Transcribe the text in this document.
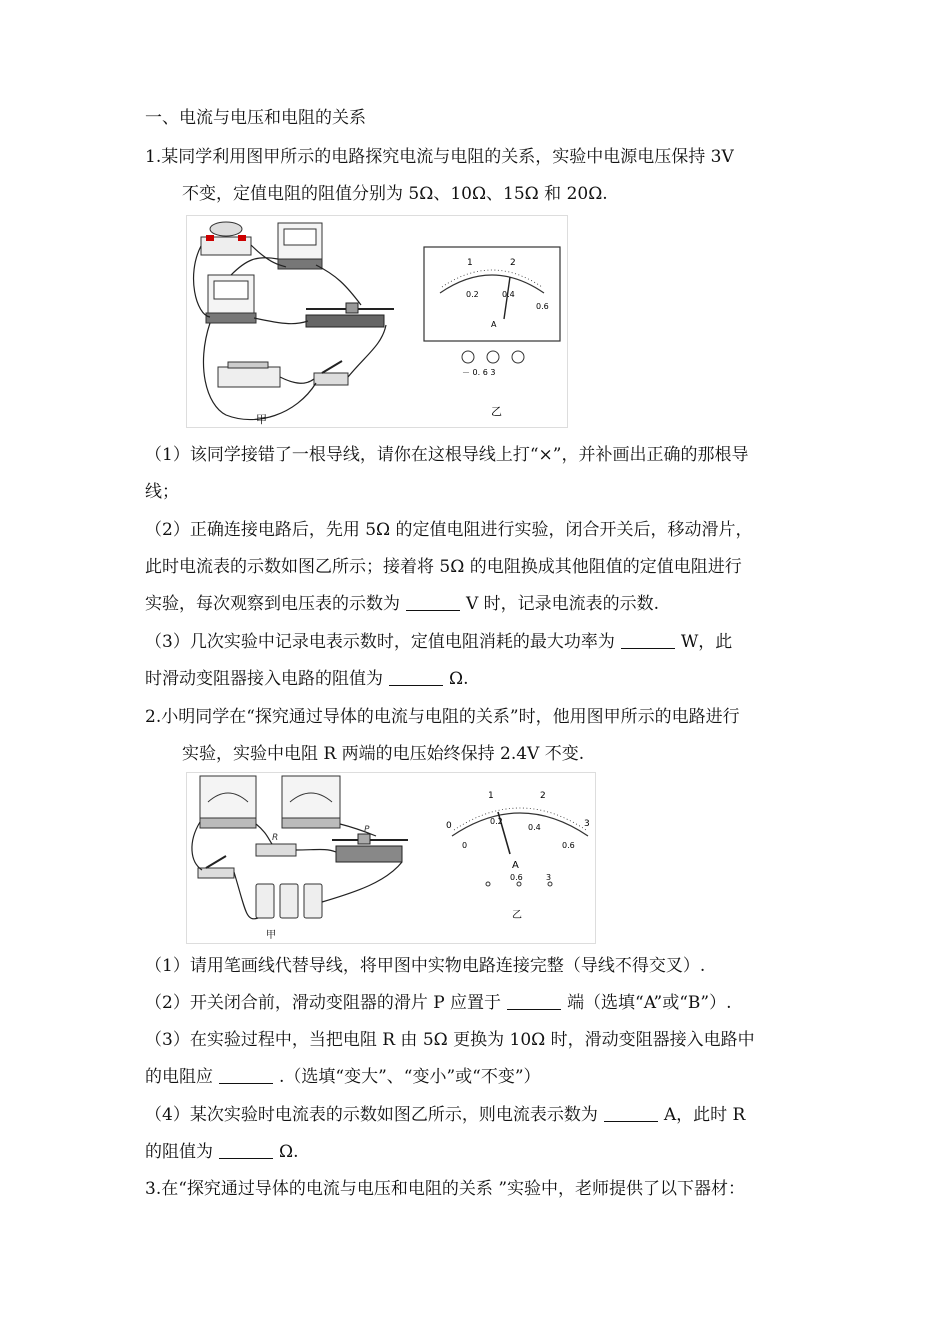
一、电流与电压和电阻的关系
1.某同学利用图甲所示的电路探究电流与电阻的关系，实验中电源电压保持 3V
不变，定值电阻的阻值分别为 5Ω、10Ω、15Ω 和 20Ω.
甲
1	2
0.2	0.4
0.6
A
－ 0. 6 3
乙
（1）该同学接错了一根导线，请你在这根导线上打“×”，并补画出正确的那根导
线；
（2）正确连接电路后，先用 5Ω 的定值电阻进行实验，闭合开关后，移动滑片，
此时电流表的示数如图乙所示；接着将 5Ω 的电阻换成其他阻值的定值电阻进行
实验，每次观察到电压表的示数为	V 时，记录电流表的示数.
（3）几次实验中记录电表示数时，定值电阻消耗的最大功率为	W，此
时滑动变阻器接入电路的阻值为	Ω.
2.小明同学在“探究通过导体的电流与电阻的关系”时，他用图甲所示的电路进行
实验，实验中电阻 R 两端的电压始终保持 2.4V 不变.
R
P
甲
0
1	2
3
0
0.2
0.4
0.6
A
0.6	3
乙
（1）请用笔画线代替导线，将甲图中实物电路连接完整（导线不得交叉）.
（2）开关闭合前，滑动变阻器的滑片 P 应置于	端（选填“A”或“B”）.
（3）在实验过程中，当把电阻 R 由 5Ω 更换为 10Ω 时，滑动变阻器接入电路中
的电阻应	.（选填“变大”、“变小”或“不变”）
（4）某次实验时电流表的示数如图乙所示，则电流表示数为	A，此时 R
的阻值为	Ω.
3.在“探究通过导体的电流与电压和电阻的关系 ”实验中，老师提供了以下器材：
